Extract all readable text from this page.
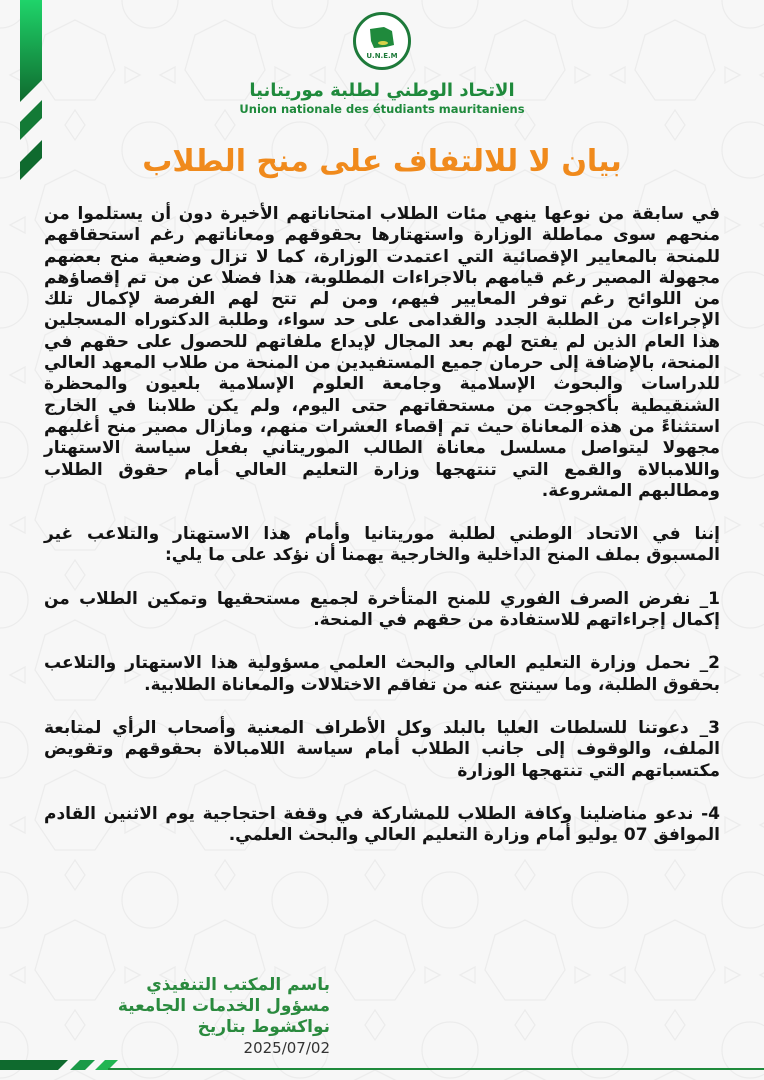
U.N.E.M
الاتحاد الوطني لطلبة موريتانيا
Union nationale des étudiants mauritaniens
بيان لا للالتفاف على منح الطلاب

في سابقة من نوعها ينهي مئات الطلاب امتحاناتهم الأخيرة دون أن يستلموا من منحهم سوى مماطلة الوزارة واستهتارها بحقوقهم ومعاناتهم رغم استحقاقهم للمنحة بالمعايير الإقصائية التي اعتمدت الوزارة، كما لا تزال وضعية منح بعضهم مجهولة المصير رغم قيامهم بالاجراءات المطلوبة، هذا فضلا عن من تم إقصاؤهم من اللوائح رغم توفر المعايير فيهم، ومن لم تتح لهم الفرصة لإكمال تلك الإجراءات من الطلبة الجدد والقدامى على حد سواء، وطلبة الدكتوراه المسجلين هذا العام الذين لم يفتح لهم بعد المجال لإيداع ملفاتهم للحصول على حقهم في المنحة، بالإضافة إلى حرمان جميع المستفيدين من المنحة من طلاب المعهد العالي للدراسات والبحوث الإسلامية وجامعة العلوم الإسلامية بلعيون والمحظرة الشنقيطية بأكجوجت من مستحقاتهم حتى اليوم، ولم يكن طلابنا في الخارج استثناءً من هذه المعاناة حيث تم إقصاء العشرات منهم، ومازال مصير منح أغلبهم مجهولا ليتواصل مسلسل معاناة الطالب الموريتاني بفعل سياسة الاستهتار واللامبالاة والقمع التي تنتهجها وزارة التعليم العالي أمام حقوق الطلاب ومطالبهم المشروعة.

إننا في الاتحاد الوطني لطلبة موريتانيا وأمام هذا الاستهتار والتلاعب غير المسبوق بملف المنح الداخلية والخارجية يهمنا أن نؤكد على ما يلي:

1_ نفرض الصرف الفوري للمنح المتأخرة لجميع مستحقيها وتمكين الطلاب من إكمال إجراءاتهم للاستفادة من حقهم في المنحة.

2_ نحمل وزارة التعليم العالي والبحث العلمي مسؤولية هذا الاستهتار والتلاعب بحقوق الطلبة، وما سينتج عنه من تفاقم الاختلالات والمعاناة الطلابية.

3_ دعوتنا للسلطات العليا بالبلد وكل الأطراف المعنية وأصحاب الرأي لمتابعة الملف، والوقوف إلى جانب الطلاب أمام سياسة اللامبالاة بحقوقهم وتقويض مكتسباتهم التي تنتهجها الوزارة

4- ندعو مناضلينا وكافة الطلاب للمشاركة في وقفة احتجاجية يوم الاثنين القادم الموافق 07 يوليو أمام وزارة التعليم العالي والبحث العلمي.

باسم المكتب التنفيذي
مسؤول الخدمات الجامعية
نواكشوط بتاريخ 2025/07/02
